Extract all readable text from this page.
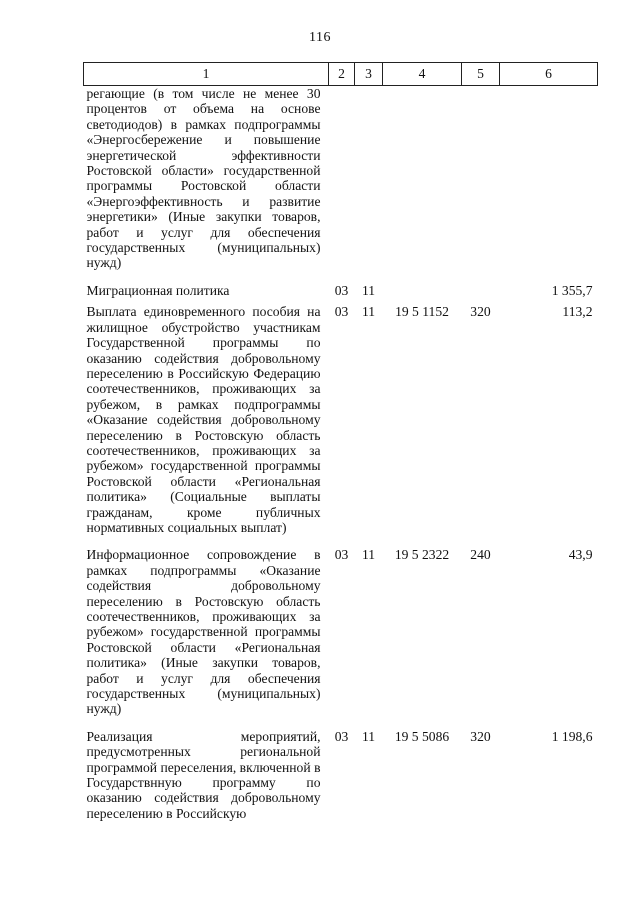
116
1	2	3	4	5	6
регающие (в том числе не менее 30 процентов от объема на основе светодиодов) в рамках подпрограммы «Энергосбережение и повышение энергетической эффективности Ростовской области» государственной программы Ростовской области «Энергоэффективность и развитие энергетики» (Иные закупки товаров, работ и услуг для обеспечения государственных (муниципальных) нужд)					
Миграционная политика	03	11			1 355,7
Выплата единовременного пособия на жилищное обустройство участникам Государственной программы по оказанию содействия добровольному переселению в Российскую Федерацию соотечественников, проживающих за рубежом, в рамках подпрограммы «Оказание содействия добровольному переселению в Ростовскую область соотечественников, проживающих за рубежом» государственной программы Ростовской области «Региональная политика» (Социальные выплаты гражданам, кроме публичных нормативных социальных выплат)	03	11	19 5 1152	320	113,2
Информационное сопровождение в рамках подпрограммы «Оказание содействия добровольному переселению в Ростовскую область соотечественников, проживающих за рубежом» государственной программы Ростовской области «Региональная политика» (Иные закупки товаров, работ и услуг для обеспечения государственных (муниципальных) нужд)	03	11	19 5 2322	240	43,9
Реализация мероприятий, предусмотренных региональной программой переселения, включенной в Государствнную программу по оказанию содействия добровольному переселению в Российскую	03	11	19 5 5086	320	1 198,6
